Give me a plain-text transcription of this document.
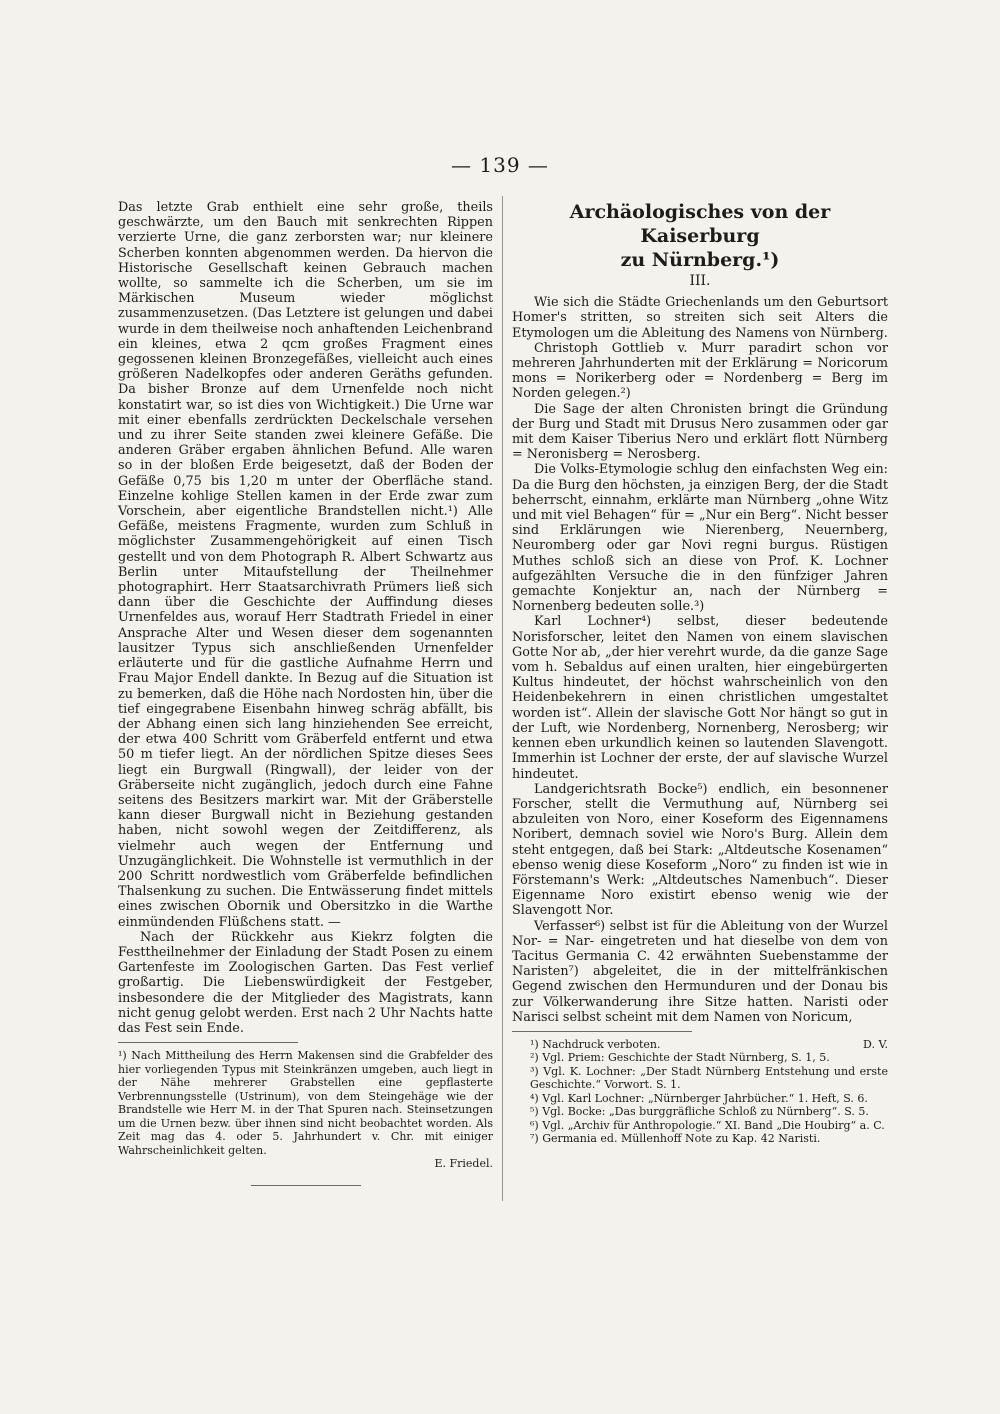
— 139 —

Das letzte Grab enthielt eine sehr große, theils geschwärzte, um den Bauch mit senkrechten Rippen verzierte Urne, die ganz zerborsten war; nur kleinere Scherben konnten abgenommen werden. Da hiervon die Historische Gesellschaft keinen Gebrauch machen wollte, so sammelte ich die Scherben, um sie im Märkischen Museum wieder möglichst zusammenzusetzen. (Das Letztere ist gelungen und dabei wurde in dem theilweise noch anhaftenden Leichenbrand ein kleines, etwa 2 qcm großes Fragment eines gegossenen kleinen Bronzegefäßes, vielleicht auch eines größeren Nadelkopfes oder anderen Geräths gefunden. Da bisher Bronze auf dem Urnenfelde noch nicht konstatirt war, so ist dies von Wichtigkeit.) Die Urne war mit einer ebenfalls zerdrückten Deckelschale versehen und zu ihrer Seite standen zwei kleinere Gefäße. Die anderen Gräber ergaben ähnlichen Befund. Alle waren so in der bloßen Erde beigesetzt, daß der Boden der Gefäße 0,75 bis 1,20 m unter der Oberfläche stand. Einzelne kohlige Stellen kamen in der Erde zwar zum Vorschein, aber eigentliche Brandstellen nicht.¹) Alle Gefäße, meistens Fragmente, wurden zum Schluß in möglichster Zusammengehörigkeit auf einen Tisch gestellt und von dem Photograph R. Albert Schwartz aus Berlin unter Mitaufstellung der Theilnehmer photographirt. Herr Staatsarchivrath Prümers ließ sich dann über die Geschichte der Auffindung dieses Urnenfeldes aus, worauf Herr Stadtrath Friedel in einer Ansprache Alter und Wesen dieser dem sogenannten lausitzer Typus sich anschließenden Urnenfelder erläuterte und für die gastliche Aufnahme Herrn und Frau Major Endell dankte. In Bezug auf die Situation ist zu bemerken, daß die Höhe nach Nordosten hin, über die tief eingegrabene Eisenbahn hinweg schräg abfällt, bis der Abhang einen sich lang hinziehenden See erreicht, der etwa 400 Schritt vom Gräberfeld entfernt und etwa 50 m tiefer liegt. An der nördlichen Spitze dieses Sees liegt ein Burgwall (Ringwall), der leider von der Gräberseite nicht zugänglich, jedoch durch eine Fahne seitens des Besitzers markirt war. Mit der Gräberstelle kann dieser Burgwall nicht in Beziehung gestanden haben, nicht sowohl wegen der Zeitdifferenz, als vielmehr auch wegen der Entfernung und Unzugänglichkeit. Die Wohnstelle ist vermuthlich in der 200 Schritt nordwestlich vom Gräberfelde befindlichen Thalsenkung zu suchen. Die Entwässerung findet mittels eines zwischen Obornik und Obersitzko in die Warthe einmündenden Flüßchens statt. —

Nach der Rückkehr aus Kiekrz folgten die Festtheilnehmer der Einladung der Stadt Posen zu einem Gartenfeste im Zoologischen Garten. Das Fest verlief großartig. Die Liebenswürdigkeit der Festgeber, insbesondere die der Mitglieder des Magistrats, kann nicht genug gelobt werden. Erst nach 2 Uhr Nachts hatte das Fest sein Ende.

¹) Nach Mittheilung des Herrn Makensen sind die Grabfelder des hier vorliegenden Typus mit Steinkränzen umgeben, auch liegt in der Nähe mehrerer Grabstellen eine gepflasterte Verbrennungsstelle (Ustrinum), von dem Steingehäge wie der Brandstelle wie Herr M. in der That Spuren nach. Steinsetzungen um die Urnen bezw. über ihnen sind nicht beobachtet worden. Als Zeit mag das 4. oder 5. Jahrhundert v. Chr. mit einiger Wahrscheinlichkeit gelten.

E. Friedel.

Archäologisches von der Kaiserburg
zu Nürnberg.¹)
III.

Wie sich die Städte Griechenlands um den Geburtsort Homer's stritten, so streiten sich seit Alters die Etymologen um die Ableitung des Namens von Nürnberg.

Christoph Gottlieb v. Murr paradirt schon vor mehreren Jahrhunderten mit der Erklärung = Noricorum mons = Norikerberg oder = Nordenberg = Berg im Norden gelegen.²)

Die Sage der alten Chronisten bringt die Gründung der Burg und Stadt mit Drusus Nero zusammen oder gar mit dem Kaiser Tiberius Nero und erklärt flott Nürnberg = Neronisberg = Nerosberg.

Die Volks-Etymologie schlug den einfachsten Weg ein: Da die Burg den höchsten, ja einzigen Berg, der die Stadt beherrscht, einnahm, erklärte man Nürnberg „ohne Witz und mit viel Behagen“ für = „Nur ein Berg“. Nicht besser sind Erklärungen wie Nierenberg, Neuernberg, Neuromberg oder gar Novi regni burgus. Rüstigen Muthes schloß sich an diese von Prof. K. Lochner aufgezählten Versuche die in den fünfziger Jahren gemachte Konjektur an, nach der Nürnberg = Nornenberg bedeuten solle.³)

Karl Lochner⁴) selbst, dieser bedeutende Norisforscher, leitet den Namen von einem slavischen Gotte Nor ab, „der hier verehrt wurde, da die ganze Sage vom h. Sebaldus auf einen uralten, hier eingebürgerten Kultus hindeutet, der höchst wahrscheinlich von den Heidenbekehrern in einen christlichen umgestaltet worden ist“. Allein der slavische Gott Nor hängt so gut in der Luft, wie Nordenberg, Nornenberg, Nerosberg; wir kennen eben urkundlich keinen so lautenden Slavengott. Immerhin ist Lochner der erste, der auf slavische Wurzel hindeutet.

Landgerichtsrath Bocke⁵) endlich, ein besonnener Forscher, stellt die Vermuthung auf, Nürnberg sei abzuleiten von Noro, einer Koseform des Eigennamens Noribert, demnach soviel wie Noro's Burg. Allein dem steht entgegen, daß bei Stark: „Altdeutsche Kosenamen“ ebenso wenig diese Koseform „Noro“ zu finden ist wie in Förstemann's Werk: „Altdeutsches Namenbuch“. Dieser Eigenname Noro existirt ebenso wenig wie der Slavengott Nor.

Verfasser⁶) selbst ist für die Ableitung von der Wurzel Nor- = Nar- eingetreten und hat dieselbe von dem von Tacitus Germania C. 42 erwähnten Suebenstamme der Naristen⁷) abgeleitet, die in der mittelfränkischen Gegend zwischen den Hermunduren und der Donau bis zur Völkerwanderung ihre Sitze hatten. Naristi oder Narisci selbst scheint mit dem Namen von Noricum,

¹) Nachdruck verboten.	D. V.

²) Vgl. Priem: Geschichte der Stadt Nürnberg, S. 1, 5.

³) Vgl. K. Lochner: „Der Stadt Nürnberg Entstehung und erste Geschichte.“ Vorwort. S. 1.

⁴) Vgl. Karl Lochner: „Nürnberger Jahrbücher.“ 1. Heft, S. 6.

⁵) Vgl. Bocke: „Das burggräfliche Schloß zu Nürnberg“. S. 5.

⁶) Vgl. „Archiv für Anthropologie.“ XI. Band „Die Houbirg“ a. C.

⁷) Germania ed. Müllenhoff Note zu Kap. 42 Naristi.
